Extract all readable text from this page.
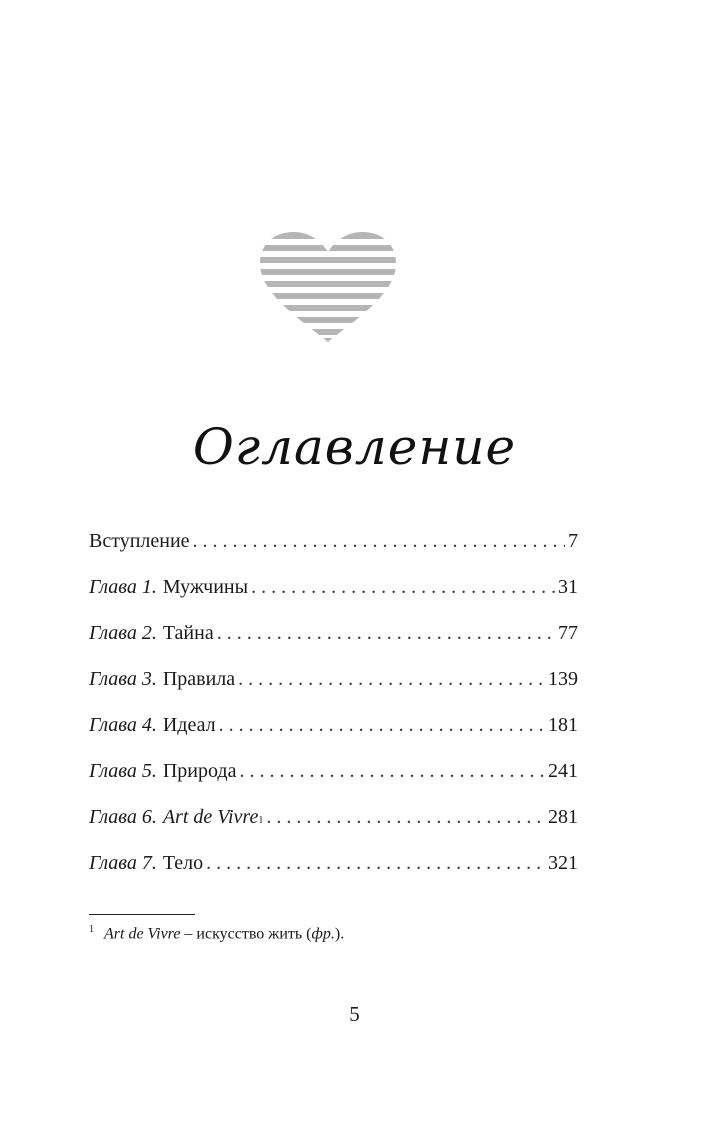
Оглавление
Вступление . . .	7
Глава 1. Мужчины . . .	31
Глава 2. Тайна . . .	77
Глава 3. Правила . . .	139
Глава 4. Идеал . . .	181
Глава 5. Природа . . .	241
Глава 6. Art de Vivre 1 . . .	281
Глава 7. Тело . . .	321
$^1$ Art de Vivre – искусство жить (фр.).
5
